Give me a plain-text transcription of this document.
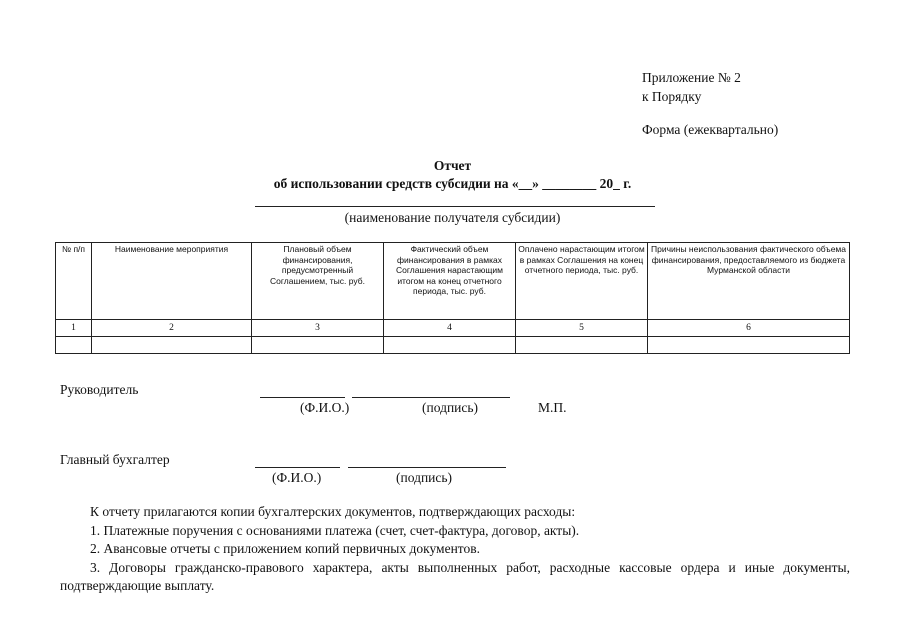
Приложение № 2
к Порядку
Форма (ежеквартально)
Отчет
об использовании средств субсидии на «__» ________ 20_ г.
(наименование получателя субсидии)
№ п/п	Наименование мероприятия	Плановый объем финансирования, предусмотренный Соглашением, тыс. руб.	Фактический объем финансирования в рамках Соглашения нарастающим итогом на конец отчетного периода, тыс. руб.	Оплачено нарастающим итогом в рамках Соглашения на конец отчетного периода, тыс. руб.	Причины неиспользования фактического объема финансирования, предоставляемого из бюджета Мурманской области
1	2	3	4	5	6

Руководитель
(Ф.И.О.)	(подпись)	М.П.
Главный бухгалтер
(Ф.И.О.)	(подпись)

К отчету прилагаются копии бухгалтерских документов, подтверждающих расходы:

1. Платежные поручения с основаниями платежа (счет, счет-фактура, договор, акты).

2. Авансовые отчеты с приложением копий первичных документов.

3. Договоры гражданско-правового характера, акты выполненных работ, расходные кассовые ордера и иные документы, подтверждающие выплату.
